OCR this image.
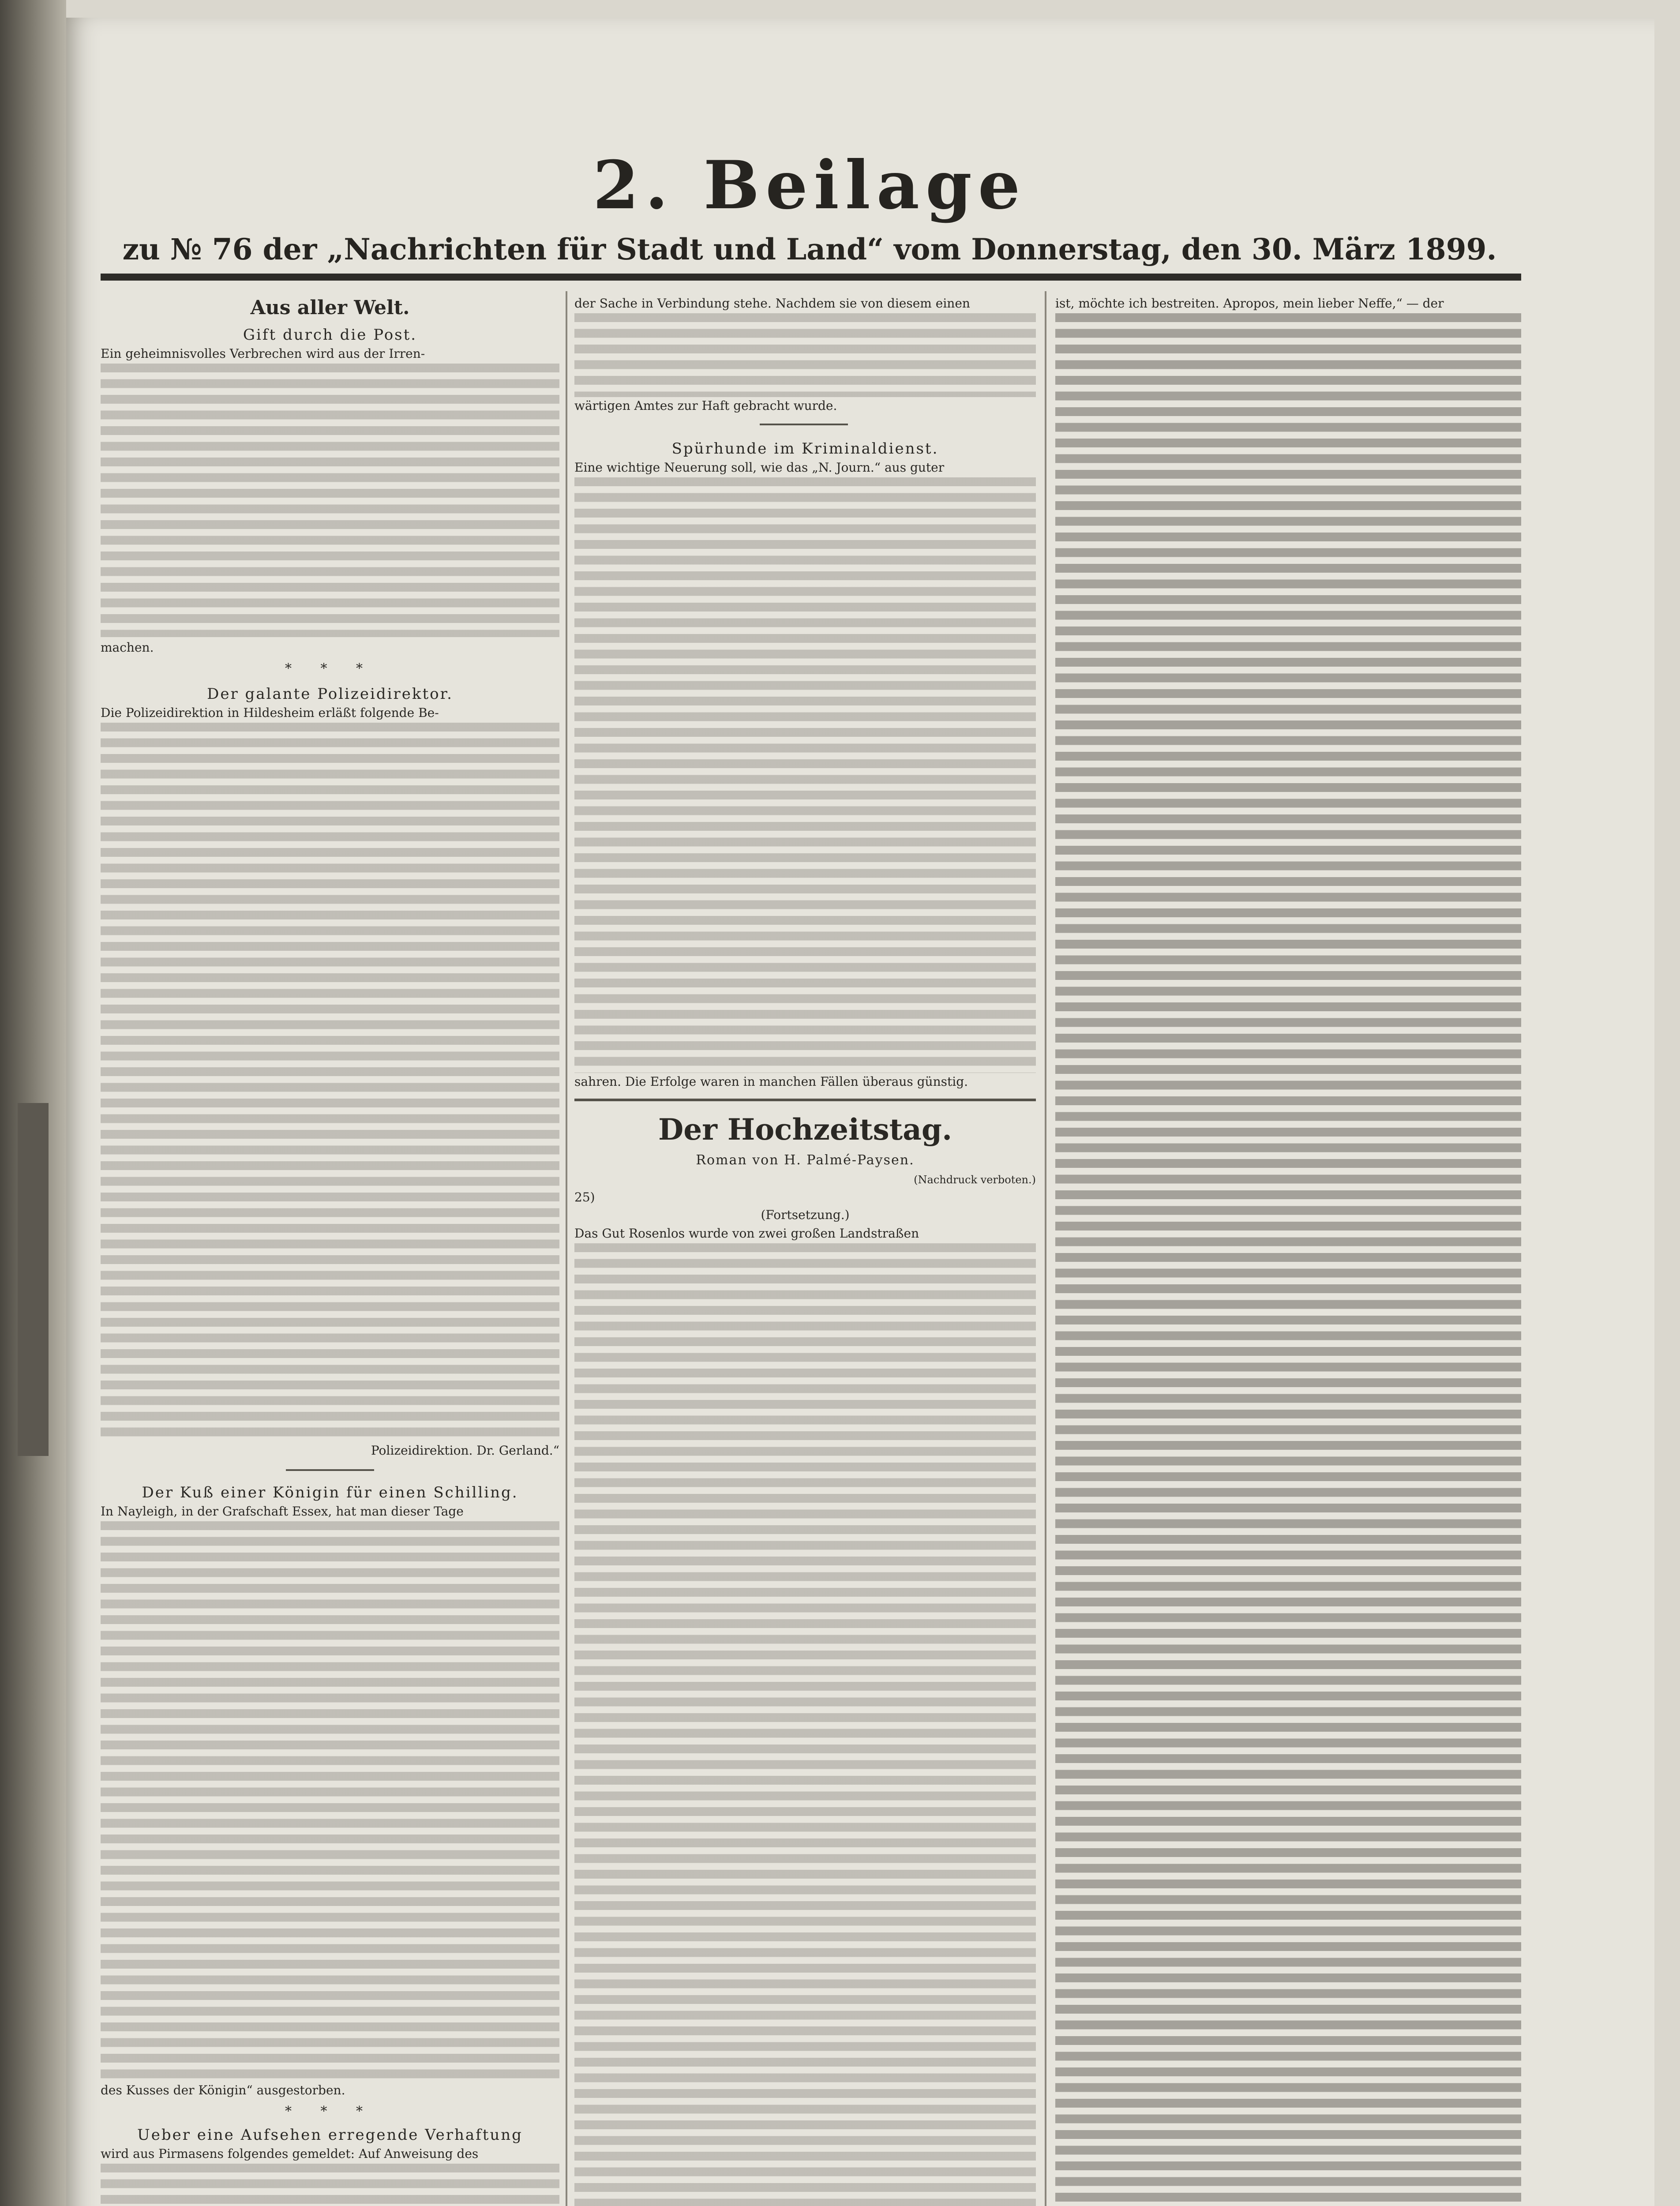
2. Beilage
zu № 76 der „Nachrichten für Stadt und Land“ vom Donnerstag, den 30. März 1899.
Aus aller Welt.
Gift durch die Post.
Ein geheimnisvolles Verbrechen wird aus der Irren-
machen.
* * *
Der galante Polizeidirektor.
Die Polizeidirektion in Hildesheim erläßt folgende Be-
Polizeidirektion. Dr. Gerland.“
Der Kuß einer Königin für einen Schilling.
In Nayleigh, in der Grafschaft Essex, hat man dieser Tage
des Kusses der Königin“ ausgestorben.
* * *
Ueber eine Aufsehen erregende Verhaftung
wird aus Pirmasens folgendes gemeldet: Auf Anweisung des
der Sache in Verbindung stehe. Nachdem sie von diesem einen
wärtigen Amtes zur Haft gebracht wurde.
Spürhunde im Kriminaldienst.
Eine wichtige Neuerung soll, wie das „N. Journ.“ aus guter
sahren. Die Erfolge waren in manchen Fällen überaus günstig.
Der Hochzeitstag.
Roman von H. Palmé-Paysen.
(Nachdruck verboten.)
25)
(Fortsetzung.)
Das Gut Rosenlos wurde von zwei großen Landstraßen
ist, möchte ich bestreiten. Apropos, mein lieber Neffe,“ — der
